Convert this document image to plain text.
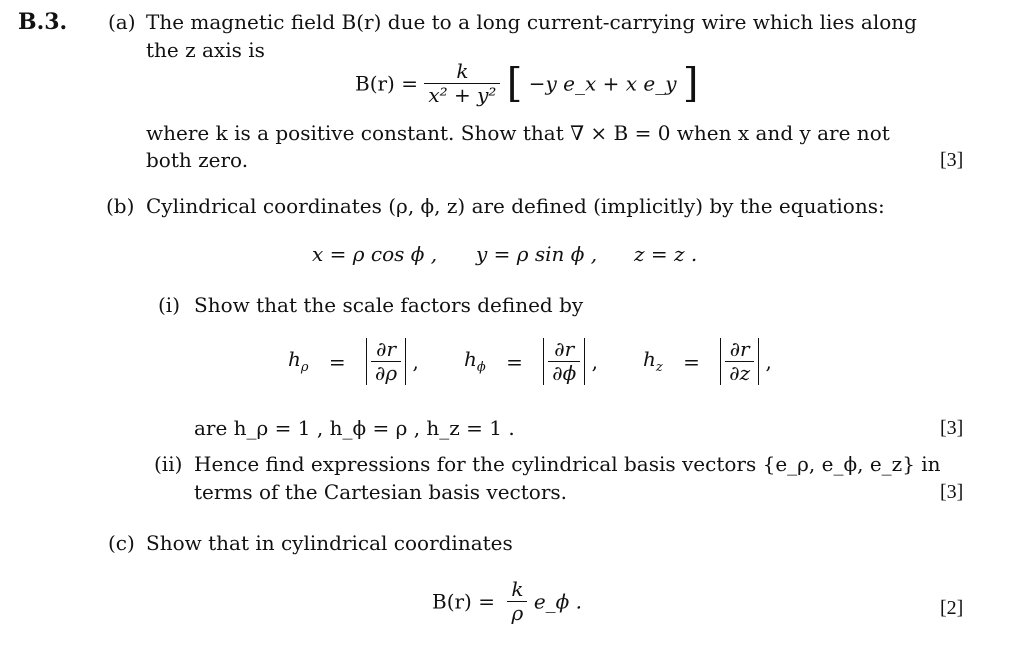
B.3. (a) The magnetic field B(r) due to a long current-carrying wire which lies along
the z axis is
$B(r) = \frac{k}{\text{x² + y²}}$ [ −y e_x + x e_y ]
where k is a positive constant. Show that ∇ × B = 0 when x and y are not
both zero.	[3]
(b) Cylindrical coordinates (ρ, ϕ, z) are defined (implicitly) by the equations:
x = ρ cos ϕ , y = ρ sin ϕ , z = z .
(i) Show that the scale factors defined by
$h_\rho = \frac{\partial r}{\partial\rho}$ , $h_\phi = \frac{\partial r}{\partial\phi}$ , $h_z = \frac{\partial r}{\partial z}$ ,
are h_ρ = 1 , h_ϕ = ρ , h_z = 1 .	[3]
(ii) Hence find expressions for the cylindrical basis vectors {e_ρ, e_ϕ, e_z} in
terms of the Cartesian basis vectors.	[3]
(c) Show that in cylindrical coordinates
$B(r) = \frac{k}{\rho}$ e_ϕ .	[2]
